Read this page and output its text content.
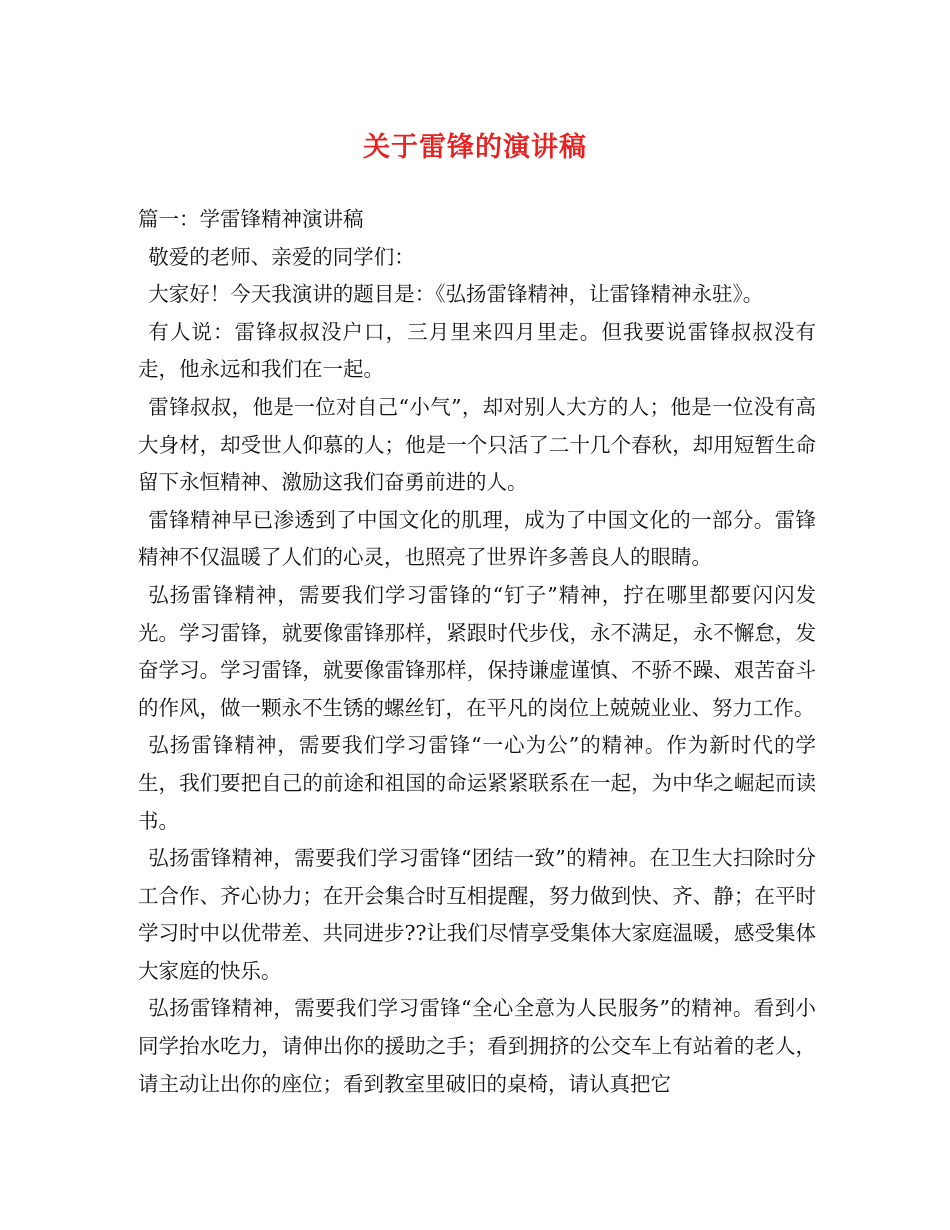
关于雷锋的演讲稿

篇一：学雷锋精神演讲稿

敬爱的老师、亲爱的同学们：

大家好！今天我演讲的题目是：《弘扬雷锋精神，让雷锋精神永驻》。

有人说：雷锋叔叔没户口，三月里来四月里走。但我要说雷锋叔叔没有走，他永远和我们在一起。

雷锋叔叔，他是一位对自己“小气”，却对别人大方的人；他是一位没有高大身材，却受世人仰慕的人；他是一个只活了二十几个春秋，却用短暂生命留下永恒精神、激励这我们奋勇前进的人。

雷锋精神早已渗透到了中国文化的肌理，成为了中国文化的一部分。雷锋精神不仅温暖了人们的心灵，也照亮了世界许多善良人的眼睛。

弘扬雷锋精神，需要我们学习雷锋的“钉子”精神，拧在哪里都要闪闪发光。学习雷锋，就要像雷锋那样，紧跟时代步伐，永不满足，永不懈怠，发奋学习。学习雷锋，就要像雷锋那样，保持谦虚谨慎、不骄不躁、艰苦奋斗的作风，做一颗永不生锈的螺丝钉，在平凡的岗位上兢兢业业、努力工作。

弘扬雷锋精神，需要我们学习雷锋“一心为公”的精神。作为新时代的学生，我们要把自己的前途和祖国的命运紧紧联系在一起，为中华之崛起而读书。

弘扬雷锋精神，需要我们学习雷锋“团结一致”的精神。在卫生大扫除时分工合作、齐心协力；在开会集合时互相提醒，努力做到快、齐、静；在平时学习时中以优带差、共同进步??让我们尽情享受集体大家庭温暖，感受集体大家庭的快乐。

弘扬雷锋精神，需要我们学习雷锋“全心全意为人民服务”的精神。看到小同学抬水吃力，请伸出你的援助之手；看到拥挤的公交车上有站着的老人，请主动让出你的座位；看到教室里破旧的桌椅，请认真把它
